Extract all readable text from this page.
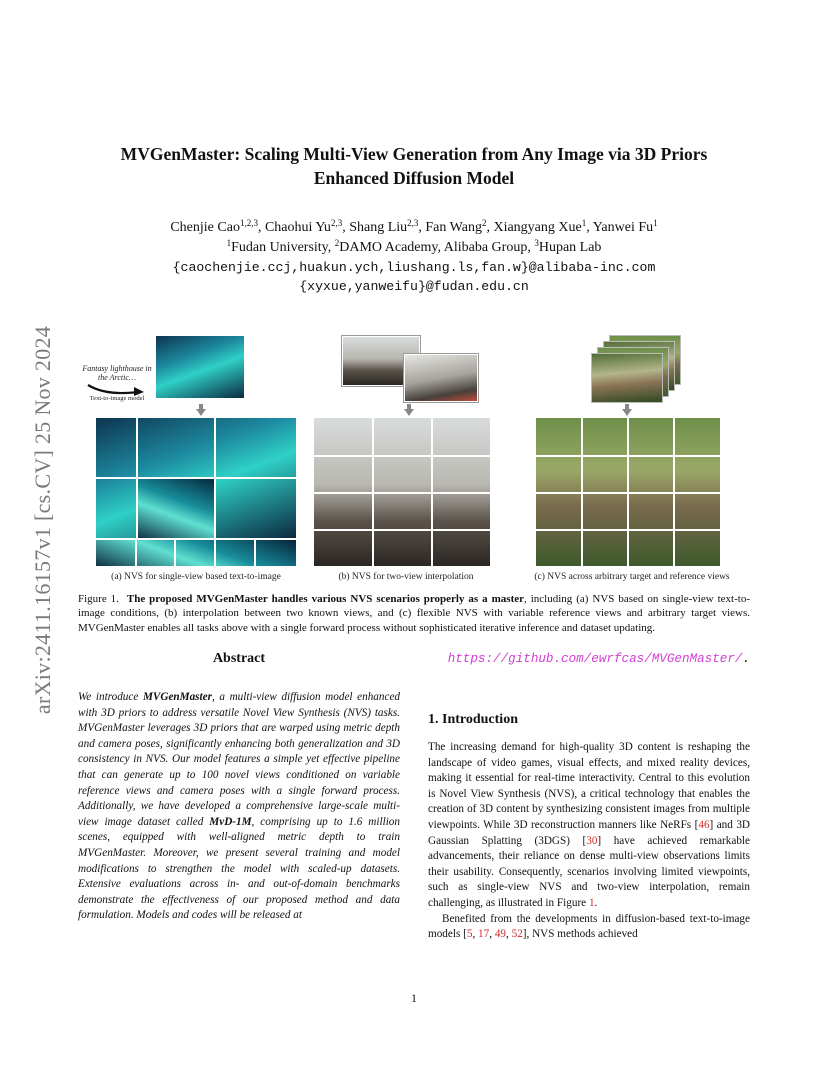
arXiv:2411.16157v1 [cs.CV] 25 Nov 2024
MVGenMaster: Scaling Multi-View Generation from Any Image via 3D Priors
Enhanced Diffusion Model
Chenjie Cao$^{1,2,3}$, Chaohui Yu$^{2,3}$, Shang Liu$^{2,3}$, Fan Wang$^2$, Xiangyang Xue$^1$, Yanwei Fu$^1$
$^1$Fudan University, $^2$DAMO Academy, Alibaba Group, $^3$Hupan Lab
{caochenjie.ccj,huakun.ych,liushang.ls,fan.w}@alibaba-inc.com
{xyxue,yanweifu}@fudan.edu.cn
Fantasy lighthouse in the Arctic…
Text-to-image model
(a) NVS for single-view based text-to-image	(b) NVS for two-view interpolation	(c) NVS across arbitrary target and reference views
Figure 1. The proposed MVGenMaster handles various NVS scenarios properly as a master, including (a) NVS based on single-view text-to-image conditions, (b) interpolation between two known views, and (c) flexible NVS with variable reference views and arbitrary target views. MVGenMaster enables all tasks above with a single forward process without sophisticated iterative inference and dataset updating.
Abstract
We introduce MVGenMaster, a multi-view diffusion model enhanced with 3D priors to address versatile Novel View Synthesis (NVS) tasks. MVGenMaster leverages 3D priors that are warped using metric depth and camera poses, significantly enhancing both generalization and 3D consistency in NVS. Our model features a simple yet effective pipeline that can generate up to 100 novel views conditioned on variable reference views and camera poses with a single forward process. Additionally, we have developed a comprehensive large-scale multi-view image dataset called MvD-1M, comprising up to 1.6 million scenes, equipped with well-aligned metric depth to train MVGenMaster. Moreover, we present several training and model modifications to strengthen the model with scaled-up datasets. Extensive evaluations across in- and out-of-domain benchmarks demonstrate the effectiveness of our proposed method and data formulation. Models and codes will be released at
https://github.com/ewrfcas/MVGenMaster/.
1. Introduction

The increasing demand for high-quality 3D content is reshaping the landscape of video games, visual effects, and mixed reality devices, making it essential for real-time interactivity. Central to this evolution is Novel View Synthesis (NVS), a critical technology that enables the creation of 3D content by synthesizing consistent images from multiple viewpoints. While 3D reconstruction manners like NeRFs [46] and 3D Gaussian Splatting (3DGS) [30] have achieved remarkable advancements, their reliance on dense multi-view observations limits their usability. Consequently, scenarios involving limited viewpoints, such as single-view NVS and two-view interpolation, remain challenging, as illustrated in Figure 1.

Benefited from the developments in diffusion-based text-to-image models [5, 17, 49, 52], NVS methods achieved

1
